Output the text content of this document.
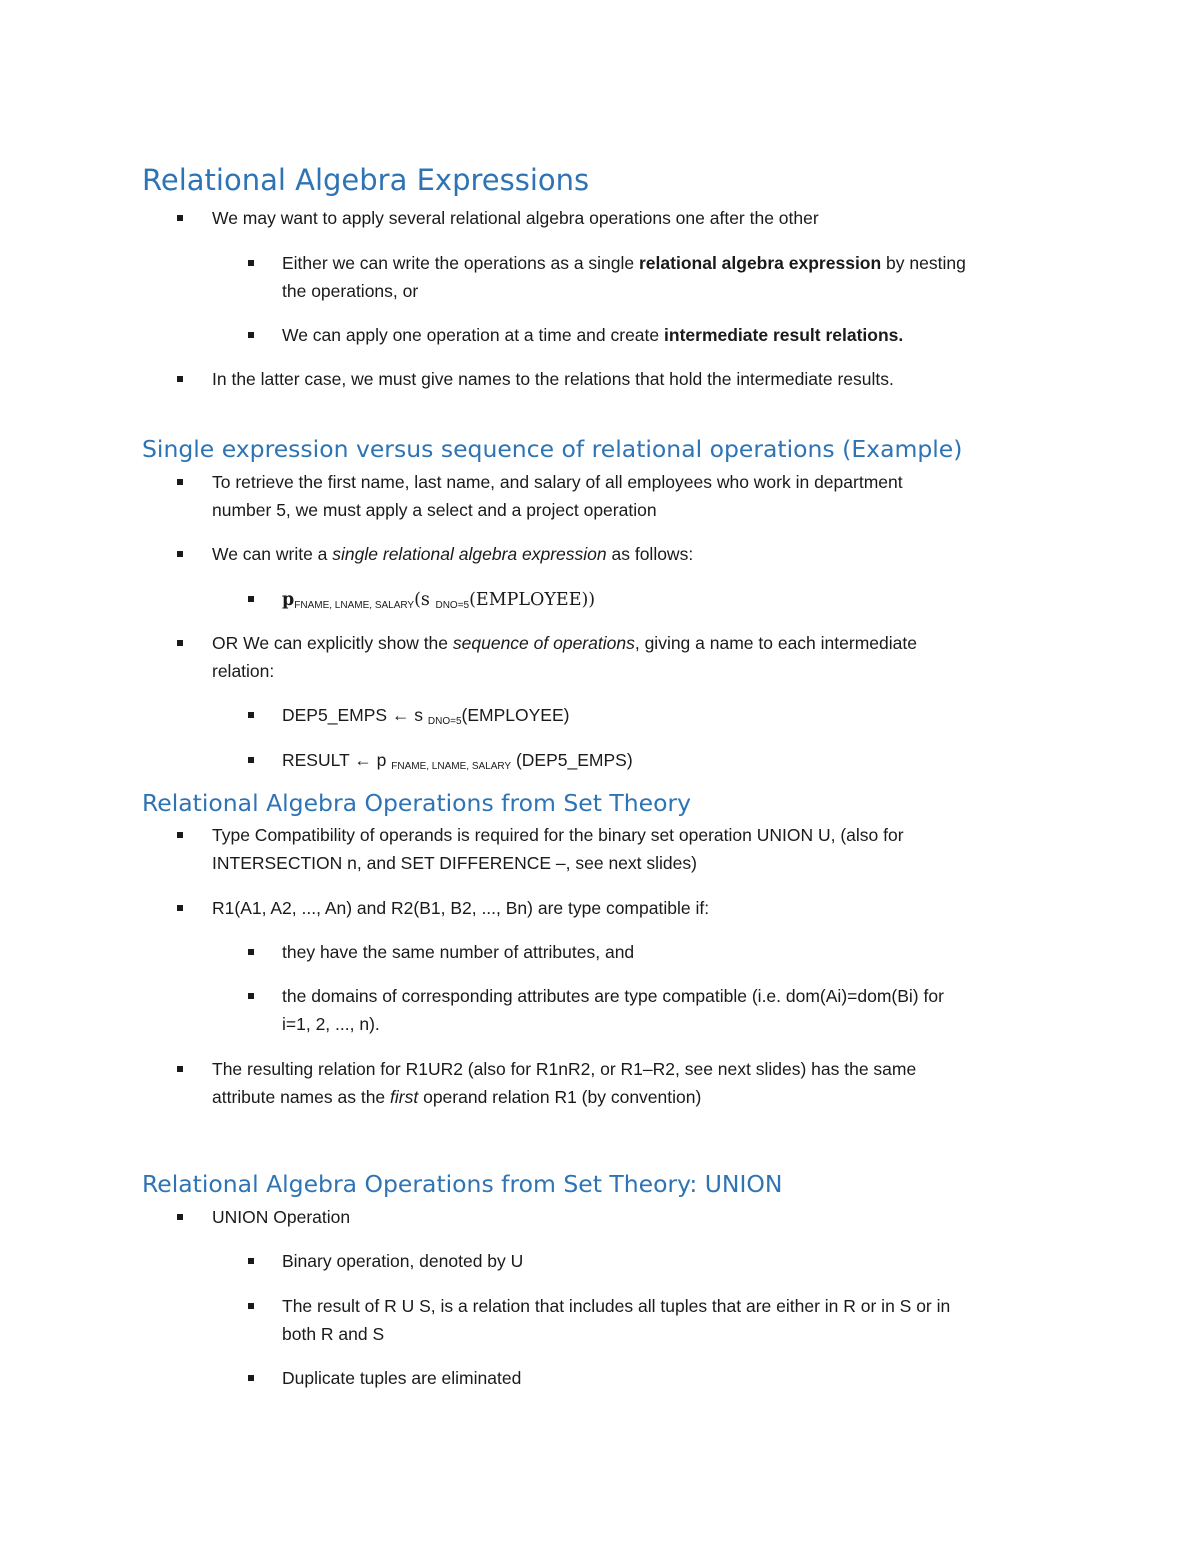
Relational Algebra Expressions
We may want to apply several relational algebra operations one after the other
Either we can write the operations as a single relational algebra expression by nesting
the operations, or
We can apply one operation at a time and create intermediate result relations.
In the latter case, we must give names to the relations that hold the intermediate results.
Single expression versus sequence of relational operations (Example)
To retrieve the first name, last name, and salary of all employees who work in department
number 5, we must apply a select and a project operation
We can write a single relational algebra expression as follows:
pFNAME, LNAME, SALARY(s DNO=5(EMPLOYEE))
OR We can explicitly show the sequence of operations, giving a name to each intermediate
relation:
DEP5_EMPS ← s DNO=5(EMPLOYEE)
RESULT ← p FNAME, LNAME, SALARY (DEP5_EMPS)
Relational Algebra Operations from Set Theory
Type Compatibility of operands is required for the binary set operation UNION U, (also for
INTERSECTION n, and SET DIFFERENCE –, see next slides)
R1(A1, A2, ..., An) and R2(B1, B2, ..., Bn) are type compatible if:
they have the same number of attributes, and
the domains of corresponding attributes are type compatible (i.e. dom(Ai)=dom(Bi) for
i=1, 2, ..., n).
The resulting relation for R1UR2 (also for R1nR2, or R1–R2, see next slides) has the same
attribute names as the first operand relation R1 (by convention)
Relational Algebra Operations from Set Theory: UNION
UNION Operation
Binary operation, denoted by U
The result of R U S, is a relation that includes all tuples that are either in R or in S or in
both R and S
Duplicate tuples are eliminated
